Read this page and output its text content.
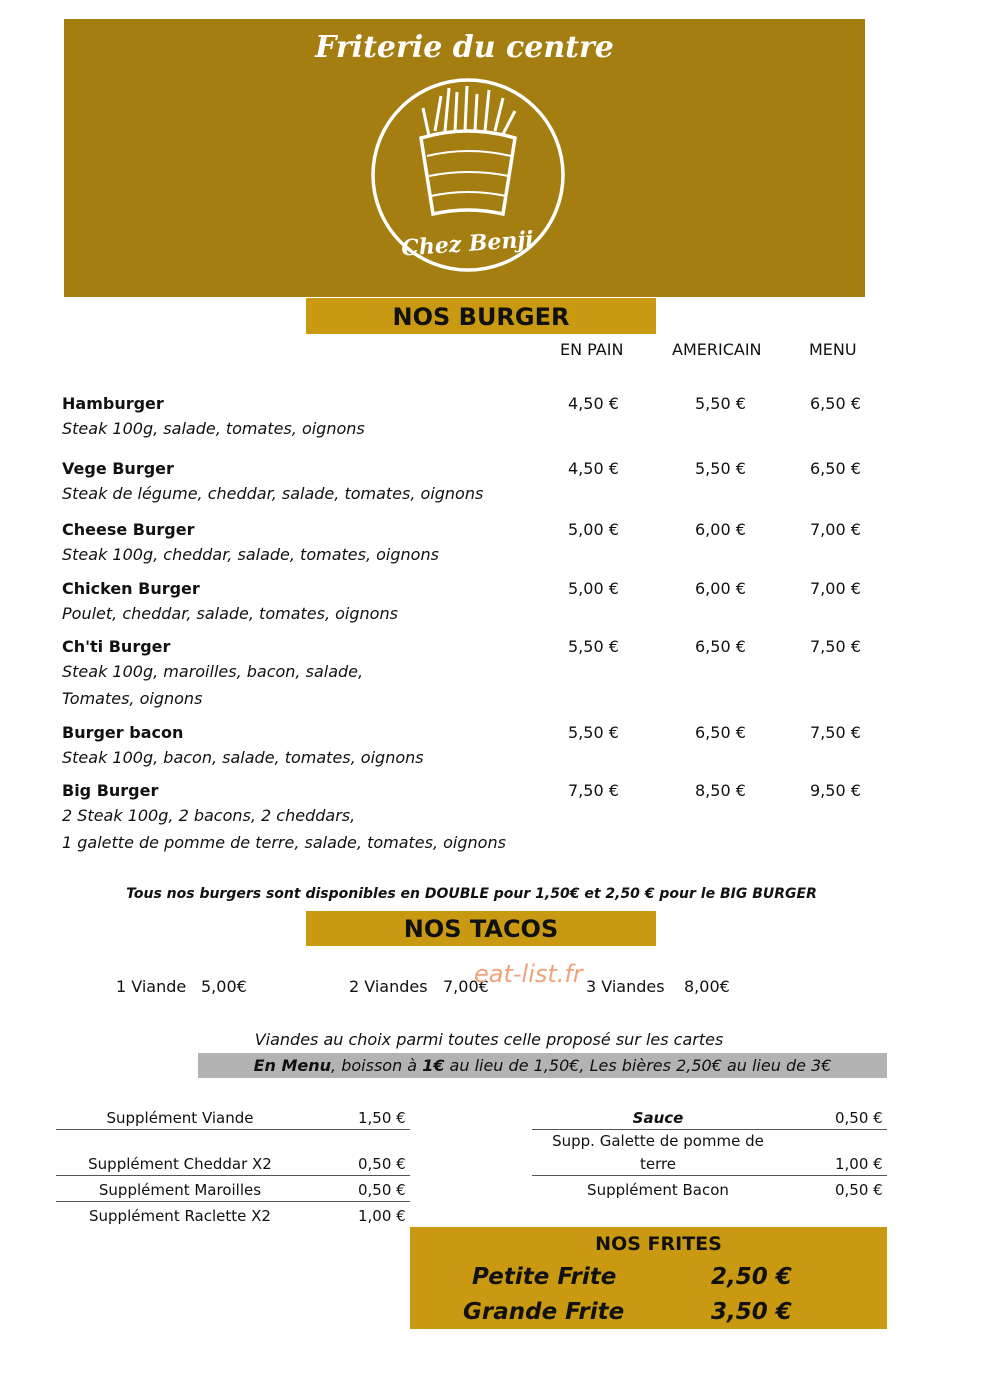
Friterie du centre
Chez Benji
NOS BURGER
EN PAIN	AMERICAIN	MENU
Hamburger
Steak 100g, salade, tomates, oignons
4,50 €	5,50 €	6,50 €
Vege Burger
Steak de légume, cheddar, salade, tomates, oignons
4,50 €	5,50 €	6,50 €
Cheese Burger
Steak 100g, cheddar, salade, tomates, oignons
5,00 €	6,00 €	7,00 €
Chicken Burger
Poulet, cheddar, salade, tomates, oignons
5,00 €	6,00 €	7,00 €
Ch'ti Burger
Steak 100g, maroilles, bacon, salade,
Tomates, oignons
5,50 €	6,50 €	7,50 €
Burger bacon
Steak 100g, bacon, salade, tomates, oignons
5,50 €	6,50 €	7,50 €
Big Burger
2 Steak 100g, 2 bacons, 2 cheddars,
1 galette de pomme de terre, salade, tomates, oignons
7,50 €	8,50 €	9,50 €
Tous nos burgers sont disponibles en DOUBLE pour 1,50€ et 2,50 € pour le BIG BURGER
NOS TACOS
1 Viande 5,00€	2 Viandes 7,00€	3 Viandes 8,00€
eat-list.fr
Viandes au choix parmi toutes celle proposé sur les cartes
En Menu, boisson à 1€ au lieu de 1,50€, Les bières 2,50€ au lieu de 3€
Supplément Viande	1,50 €
Supplément Cheddar X2	0,50 €
Supplément Maroilles	0,50 €
Supplément Raclette X2	1,00 €
Sauce	0,50 €
Supp. Galette de pomme de
terre	1,00 €
Supplément Bacon	0,50 €
NOS FRITES
Petite Frite	2,50 €
Grande Frite	3,50 €
